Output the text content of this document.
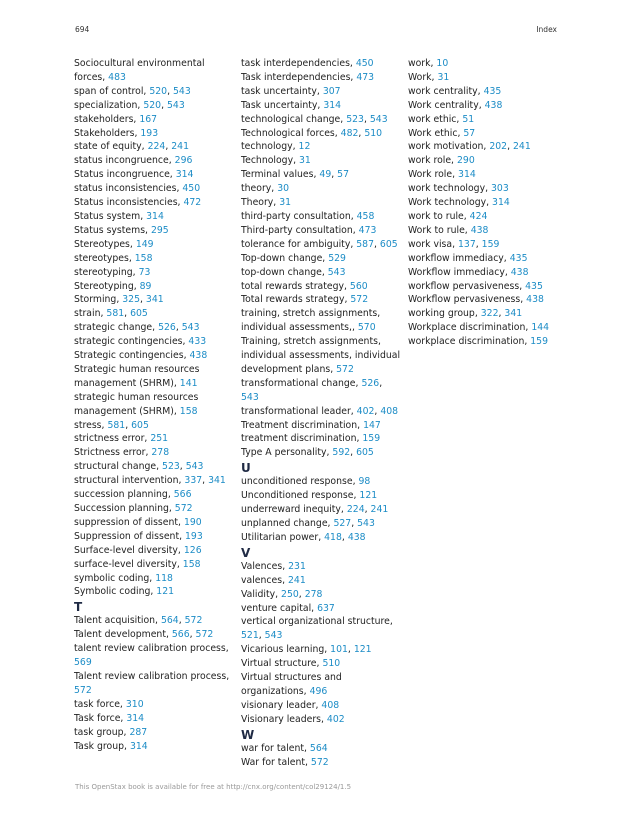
694	Index
Sociocultural environmental forces, 483
span of control, 520, 543
specialization, 520, 543
stakeholders, 167
Stakeholders, 193
state of equity, 224, 241
status incongruence, 296
Status incongruence, 314
status inconsistencies, 450
Status inconsistencies, 472
Status system, 314
Status systems, 295
Stereotypes, 149
stereotypes, 158
stereotyping, 73
Stereotyping, 89
Storming, 325, 341
strain, 581, 605
strategic change, 526, 543
strategic contingencies, 433
Strategic contingencies, 438
Strategic human resources management (SHRM), 141
strategic human resources management (SHRM), 158
stress, 581, 605
strictness error, 251
Strictness error, 278
structural change, 523, 543
structural intervention, 337, 341
succession planning, 566
Succession planning, 572
suppression of dissent, 190
Suppression of dissent, 193
Surface-level diversity, 126
surface-level diversity, 158
symbolic coding, 118
Symbolic coding, 121
T
Talent acquisition, 564, 572
Talent development, 566, 572
talent review calibration process, 569
Talent review calibration process, 572
task force, 310
Task force, 314
task group, 287
Task group, 314
task interdependencies, 450
Task interdependencies, 473
task uncertainty, 307
Task uncertainty, 314
technological change, 523, 543
Technological forces, 482, 510
technology, 12
Technology, 31
Terminal values, 49, 57
theory, 30
Theory, 31
third-party consultation, 458
Third-party consultation, 473
tolerance for ambiguity, 587, 605
Top-down change, 529
top-down change, 543
total rewards strategy, 560
Total rewards strategy, 572
training, stretch assignments, individual assessments,, 570
Training, stretch assignments, individual assessments, individual development plans, 572
transformational change, 526, 543
transformational leader, 402, 408
Treatment discrimination, 147
treatment discrimination, 159
Type A personality, 592, 605
U
unconditioned response, 98
Unconditioned response, 121
underreward inequity, 224, 241
unplanned change, 527, 543
Utilitarian power, 418, 438
V
Valences, 231
valences, 241
Validity, 250, 278
venture capital, 637
vertical organizational structure, 521, 543
Vicarious learning, 101, 121
Virtual structure, 510
Virtual structures and organizations, 496
visionary leader, 408
Visionary leaders, 402
W
war for talent, 564
War for talent, 572
work, 10
Work, 31
work centrality, 435
Work centrality, 438
work ethic, 51
Work ethic, 57
work motivation, 202, 241
work role, 290
Work role, 314
work technology, 303
Work technology, 314
work to rule, 424
Work to rule, 438
work visa, 137, 159
workflow immediacy, 435
Workflow immediacy, 438
workflow pervasiveness, 435
Workflow pervasiveness, 438
working group, 322, 341
Workplace discrimination, 144
workplace discrimination, 159
This OpenStax book is available for free at http://cnx.org/content/col29124/1.5
